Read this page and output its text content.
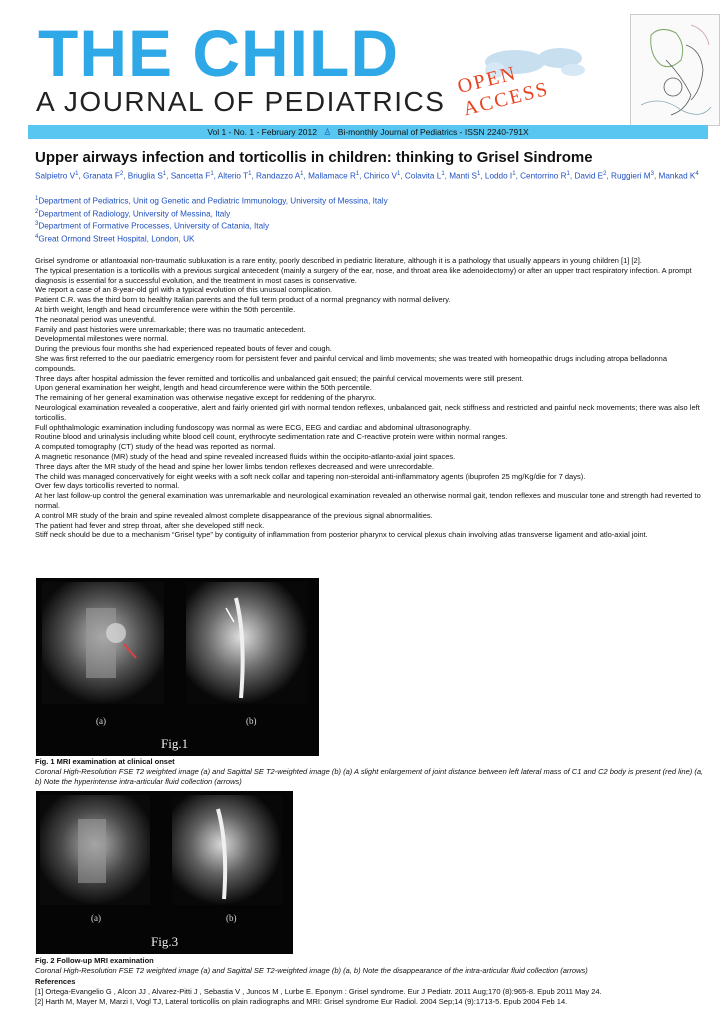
THE CHILD
A JOURNAL OF PEDIATRICS
OPEN ACCESS
Vol 1 - No. 1 - February 2012 ♙ Bi-monthly Journal of Pediatrics - ISSN 2240-791X
Upper airways infection and torticollis in children: thinking to Grisel Sindrome
Salpietro $V^1$, Granata $F^2$, Briuglia $S^1$, Sancetta $F^1$, Alterio $T^1$, Randazzo $A^1$, Mallamace $R^1$, Chirico $V^1$, Colavita $L^1$, Manti $S^1$, Loddo $I^1$, Centorrino $R^1$, David $E^2$, Ruggieri $M^3$, Mankad $K^4$
$^1$Department of Pediatrics, Unit og Genetic and Pediatric Immunology, University of Messina, Italy
$^2$Department of Radiology, University of Messina, Italy
$^3$Department of Formative Processes, University of Catania, Italy
$^4$Great Ormond Street Hospital, London, UK

Grisel syndrome or atlantoaxial non-traumatic subluxation is a rare entity, poorly described in pediatric literature, although it is a pathology that usually appears in young children [1] [2].

The typical presentation is a torticollis with a previous surgical antecedent (mainly a surgery of the ear, nose, and throat area like adenoidectomy) or after an upper tract respiratory infection. A prompt diagnosis is essential for a successful evolution, and the treatment in most cases is conservative.

We report a case of an 8-year-old girl with a typical evolution of this unusual complication.

Patient C.R. was the third born to healthy Italian parents and the full term product of a normal pregnancy with normal delivery.

At birth weight, length and head circumference were within the 50th percentile.

The neonatal period was uneventful.

Family and past histories were unremarkable; there was no traumatic antecedent.

Developmental milestones were normal.

During the previous four months she had experienced repeated bouts of fever and cough.

She was first referred to the our paediatric emergency room for persistent fever and painful cervical and limb movements; she was treated with homeopathic drugs including atropa belladonna compounds.

Three days after hospital admission the fever remitted and torticollis and unbalanced gait ensued; the painful cervical movements were still present.

Upon general examination her weight, length and head circumference were within the 50th percentile.

The remaining of her general examination was otherwise negative except for reddening of the pharynx.

Neurological examination revealed a cooperative, alert and fairly oriented girl with normal tendon reflexes, unbalanced gait, neck stiffness and restricted and painful neck movements; there was also left torticollis.

Full ophthalmologic examination including fundoscopy was normal as were ECG, EEG and cardiac and abdominal ultrasonography.

Routine blood and urinalysis including white blood cell count, erythrocyte sedimentation rate and C-reactive protein were within normal ranges.

A computed tomography (CT) study of the head was reported as normal.

A magnetic resonance (MR) study of the head and spine revealed increased fluids within the occipito-atlanto-axial joint spaces.

Three days after the MR study of the head and spine her lower limbs tendon reflexes decreased and were unrecordable.

The child was managed concervatively for eight weeks with a soft neck collar and tapering non-steroidal anti-inflammatory agents (ibuprofen 25 mg/Kg/die for 7 days).

Over few days torticollis reverted to normal.

At her last follow-up control the general examination was unremarkable and neurological examination revealed an otherwise normal gait, tendon reflexes and muscular tone and strength had reverted to normal.

A control MR study of the brain and spine revealed almost complete disappearance of the previous signal abnormalities.

The patient had fever and strep throat, after she developed stiff neck.

Stiff neck should be due to a mechanism “Grisel type” by contiguity of inflammation from posterior pharynx to cervical plexus chain involving atlas transverse ligament and atlo-axial joint.

(a)	(b)
Fig.1
Fig. 1 MRI examination at clinical onset
Coronal High-Resolution FSE T2 weighted image (a) and Sagittal SE T2-weighted image (b) (a) A slight enlargement of joint distance between left lateral mass of C1 and C2 body is present (red line) (a, b) Note the hyperintense intra-articular fluid collection (arrows)
(a)	(b)
Fig.3
Fig. 2 Follow-up MRI examination
Coronal High-Resolution FSE T2 weighted image (a) and Sagittal SE T2-weighted image (b) (a, b) Note the disappearance of the intra-articular fluid collection (arrows)
References

[1] Ortega-Evangelio G , Alcon JJ , Alvarez-Pitti J , Sebastia V , Juncos M , Lurbe E. Eponym : Grisel syndrome. Eur J Pediatr. 2011 Aug;170 (8):965-8. Epub 2011 May 24.

[2] Harth M, Mayer M, Marzi I, Vogl TJ, Lateral torticollis on plain radiographs and MRI: Grisel syndrome Eur Radiol. 2004 Sep;14 (9):1713-5. Epub 2004 Feb 14.
